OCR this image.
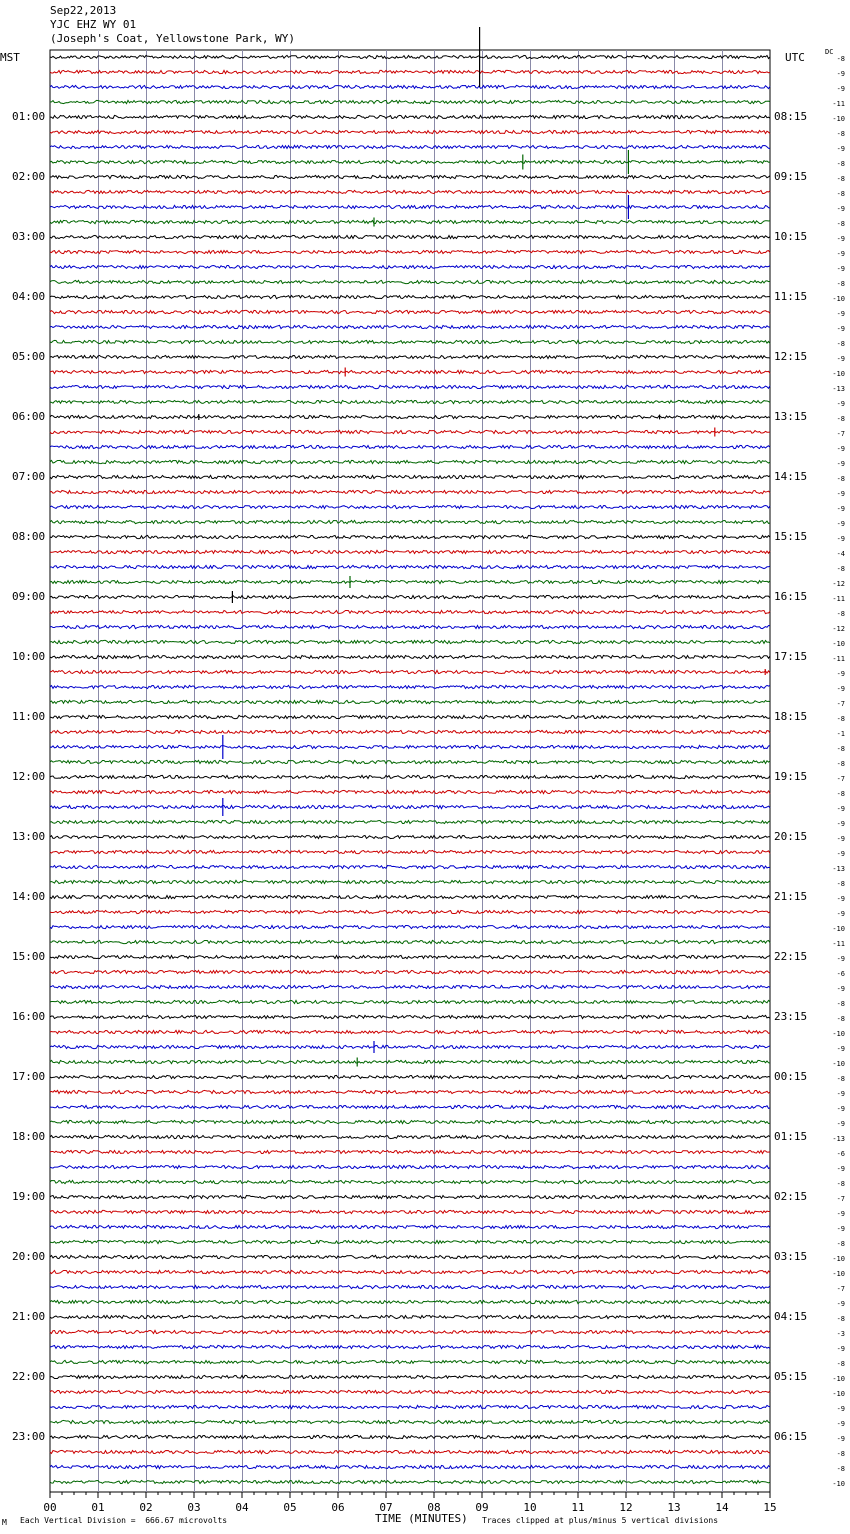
Sep22,2013
YJC EHZ WY 01
(Joseph's Coat, Yellowstone Park, WY)
MST	UTC	DC
00	01	02	03	04	05	06	07	08	09	10	11	12	13	14	15
01:00
02:00
03:00
04:00
05:00
06:00
07:00
08:00
09:00
10:00
11:00
12:00
13:00
14:00
15:00
16:00
17:00
18:00
19:00
20:00
21:00
22:00
23:00
08:15
09:15
10:15
11:15
12:15
13:15
14:15
15:15
16:15
17:15
18:15
19:15
20:15
21:15
22:15
23:15
00:15
01:15
02:15
03:15
04:15
05:15
06:15
-8
-9
-9
-11
-10
-8
-9
-8
-8
-8
-9
-8
-9
-9
-9
-8
-10
-9
-9
-8
-9
-10
-13
-9
-8
-7
-9
-9
-8
-9
-9
-9
-9
-4
-8
-12
-11
-8
-12
-10
-11
-9
-9
-7
-8
-1
-8
-8
-7
-8
-9
-9
-9
-9
-13
-8
-9
-9
-10
-11
-9
-6
-9
-8
-8
-10
-9
-10
-8
-9
-9
-9
-13
-6
-9
-8
-7
-9
-9
-8
-10
-10
-7
-9
-8
-3
-9
-8
-10
-10
-9
-9
-9
-8
-8
-10
TIME (MINUTES)
M Each Vertical Division =  666.67 microvolts	Traces clipped at plus/minus 5 vertical divisions
